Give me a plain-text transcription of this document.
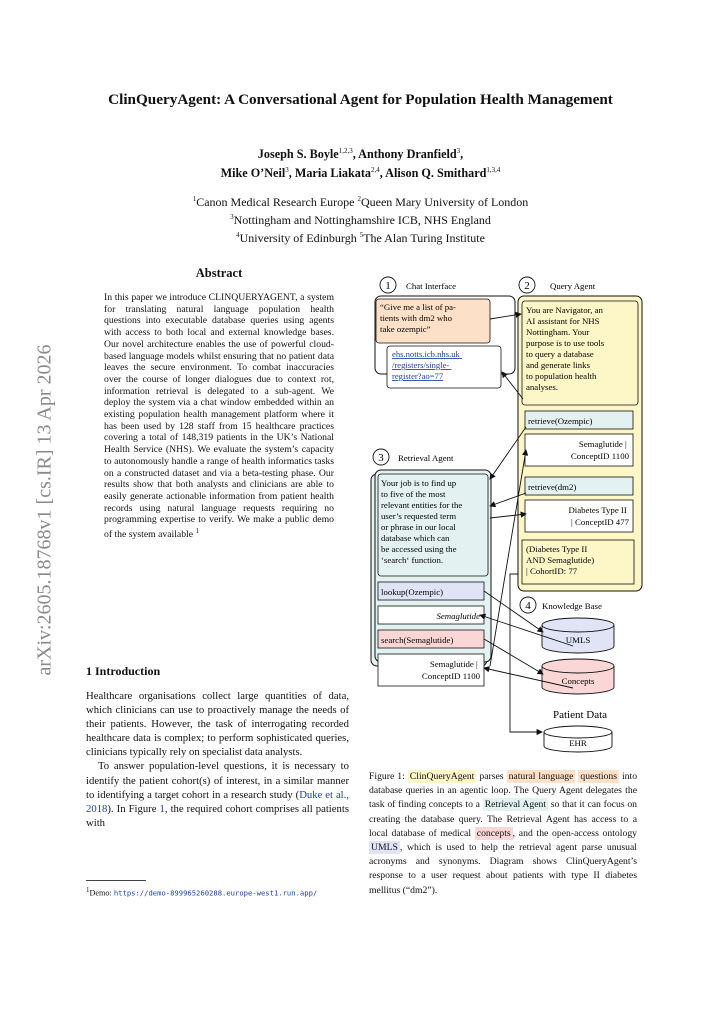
arXiv:2605.18768v1 [cs.IR] 13 Apr 2026
ClinQueryAgent: A Conversational Agent for Population Health Management
Joseph S. Boyle$^{1,2,3}$, Anthony Dranfield$^3$,
Mike O’Neil$^3$, Maria Liakata$^{2,4}$, Alison Q. Smithard$^{1,3,4}$
$^1$Canon Medical Research Europe $^2$Queen Mary University of London
$^3$Nottingham and Nottinghamshire ICB, NHS England
$^4$University of Edinburgh $^5$The Alan Turing Institute
Abstract
In this paper we introduce CLINQUERYAGENT, a system for translating natural language population health questions into executable database queries using agents with access to both local and external knowledge bases. Our novel architecture enables the use of powerful cloud-based language models whilst ensuring that no patient data leaves the secure environment. To combat inaccuracies over the course of longer dialogues due to context rot, information retrieval is delegated to a sub-agent. We deploy the system via a chat window embedded within an existing population health management platform where it has been used by 128 staff from 15 healthcare practices covering a total of 148,319 patients in the UK’s National Health Service (NHS). We evaluate the system’s capacity to autonomously handle a range of health informatics tasks on a constructed dataset and via a beta-testing phase. Our results show that both analysts and clinicians are able to easily generate actionable information from patient health records using natural language requests requiring no programming expertise to verify. We make a public demo of the system available $^1$
1 Introduction

Healthcare organisations collect large quantities of data, which clinicians can use to proactively manage the needs of their patients. However, the task of interrogating recorded healthcare data is complex; to perform sophisticated queries, clinicians typically rely on specialist data analysts.

To answer population-level questions, it is necessary to identify the patient cohort(s) of interest, in a similar manner to identifying a target cohort in a research study (Duke et al., 2018). In Figure 1, the required cohort comprises all patients with

$^1$Demo: https://demo-899965260288.europe-west1.run.app/
1 Chat Interface
“Give me a list of pa- tients with dm2 who take ozempic”
ehs.notts.icb.nhs.uk /registers/single- register?ao=77
2 Query Agent
You are Navigator, an AI assistant for NHS Nottingham. Your purpose is to use tools to query a database and generate links to population health analyses.
retrieve(Ozempic)
Semaglutide | ConceptID 1100
retrieve(dm2)
Diabetes Type II | ConceptID 477
(Diabetes Type II AND Semaglutide) | CohortID: 77
3 Retrieval Agent
Your job is to find up to five of the most relevant entities for the user’s requested term or phrase in our local database which can be accessed using the ‘search‘ function.
lookup(Ozempic)
Semaglutide
search(Semaglutide)
Semaglutide | ConceptID 1100
4 Knowledge Base
UMLS
Concepts
Patient Data
EHR
Figure 1: ClinQueryAgent parses natural language questions into database queries in an agentic loop. The Query Agent delegates the task of finding concepts to a Retrieval Agent so that it can focus on creating the database query. The Retrieval Agent has access to a local database of medical concepts , and the open-access ontology UMLS , which is used to help the retrieval agent parse unusual acronyms and synonyms. Diagram shows ClinQueryAgent’s response to a user request about patients with type II diabetes mellitus (“dm2”).
